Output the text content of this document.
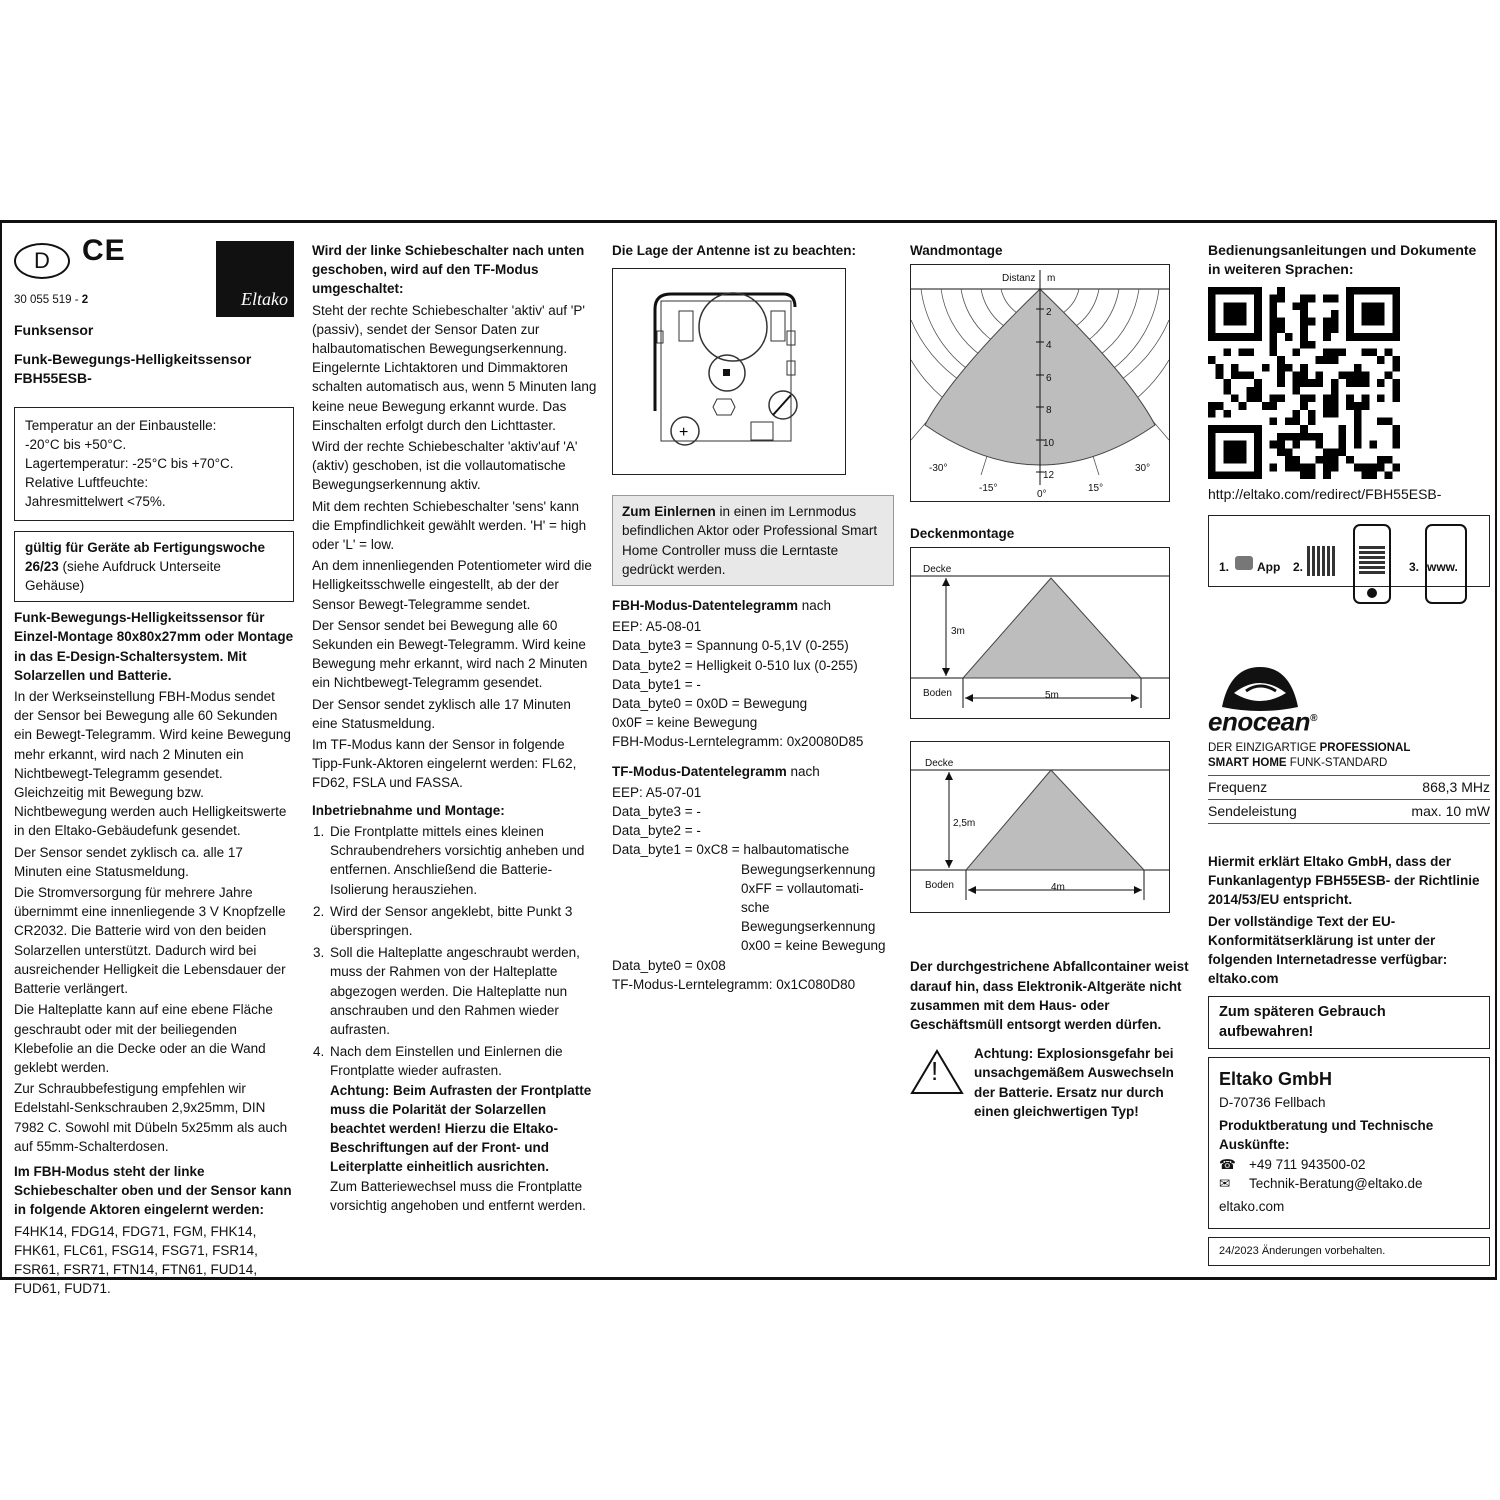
D	CE
30 055 519 - 2	Eltako

Funksensor

Funk-Bewegungs-Helligkeitssensor

FBH55ESB-

Temperatur an der Einbaustelle:
-20°C bis +50°C.
Lagertemperatur: -25°C bis +70°C.
Relative Luftfeuchte:
Jahresmittelwert <75%.
gültig für Geräte ab Fertigungswoche
26/23 (siehe Aufdruck Unterseite Gehäuse)

Funk-Bewegungs-Helligkeitssensor für Einzel-Montage 80x80x27mm oder Montage in das E-Design-Schaltersystem. Mit Solarzellen und Batterie.

In der Werkseinstellung FBH-Modus sendet der Sensor bei Bewegung alle 60 Sekunden ein Bewegt-Telegramm. Wird keine Bewegung mehr erkannt, wird nach 2 Minuten ein Nichtbewegt-Telegramm gesendet. Gleichzeitig mit Bewegung bzw. Nichtbewegung werden auch Helligkeitswerte in den Eltako-Gebäudefunk gesendet.

Der Sensor sendet zyklisch ca. alle 17 Minuten eine Statusmeldung.

Die Stromversorgung für mehrere Jahre übernimmt eine innenliegende 3 V Knopfzelle CR2032. Die Batterie wird von den beiden Solarzellen unterstützt. Dadurch wird bei ausreichender Helligkeit die Lebensdauer der Batterie verlängert.

Die Halteplatte kann auf eine ebene Fläche geschraubt oder mit der beiliegenden Klebefolie an die Decke oder an die Wand geklebt werden.

Zur Schraubbefestigung empfehlen wir Edelstahl-Senkschrauben 2,9x25mm, DIN 7982 C. Sowohl mit Dübeln 5x25mm als auch auf 55mm-Schalterdosen.

Im FBH-Modus steht der linke Schiebeschalter oben und der Sensor kann in folgende Aktoren eingelernt werden:

F4HK14, FDG14, FDG71, FGM, FHK14, FHK61, FLC61, FSG14, FSG71, FSR14, FSR61, FSR71, FTN14, FTN61, FUD14, FUD61, FUD71.

Wird der linke Schiebeschalter nach unten geschoben, wird auf den TF-Modus umgeschaltet:

Steht der rechte Schiebeschalter 'aktiv' auf 'P' (passiv), sendet der Sensor Daten zur halbautomatischen Bewegungserkennung. Eingelernte Lichtaktoren und Dimmaktoren schalten automatisch aus, wenn 5 Minuten lang keine neue Bewegung erkannt wurde. Das Einschalten erfolgt durch den Lichttaster.

Wird der rechte Schiebeschalter 'aktiv'auf 'A' (aktiv) geschoben, ist die vollautomatische Bewegungserkennung aktiv.

Mit dem rechten Schiebeschalter 'sens' kann die Empfindlichkeit gewählt werden. 'H' = high oder 'L' = low.

An dem innenliegenden Potentiometer wird die Helligkeitsschwelle eingestellt, ab der der Sensor Bewegt-Telegramme sendet.

Der Sensor sendet bei Bewegung alle 60 Sekunden ein Bewegt-Telegramm. Wird keine Bewegung mehr erkannt, wird nach 2 Minuten ein Nichtbewegt-Telegramm gesendet.

Der Sensor sendet zyklisch alle 17 Minuten eine Statusmeldung.

Im TF-Modus kann der Sensor in folgende Tipp-Funk-Aktoren eingelernt werden: FL62, FD62, FSLA und FASSA.

Inbetriebnahme und Montage:

1. Die Frontplatte mittels eines kleinen Schraubendrehers vorsichtig anheben und entfernen. Anschließend die Batterie-Isolierung herausziehen.
2. Wird der Sensor angeklebt, bitte Punkt 3 überspringen.
3. Soll die Halteplatte angeschraubt werden, muss der Rahmen von der Halteplatte abgezogen werden. Die Halteplatte nun anschrauben und den Rahmen wieder aufrasten.
4. Nach dem Einstellen und Einlernen die Frontplatte wieder aufrasten.
Achtung: Beim Aufrasten der Frontplatte muss die Polarität der Solarzellen beachtet werden! Hierzu die Eltako-Beschriftungen auf der Front- und Leiterplatte einheitlich ausrichten.
Zum Batteriewechsel muss die Frontplatte vorsichtig angehoben und entfernt werden.

Die Lage der Antenne ist zu beachten:

+
Zum Einlernen in einen im Lernmodus befindlichen Aktor oder Professional Smart Home Controller muss die Lerntaste gedrückt werden.

FBH-Modus-Datentelegramm nach

EEP: A5-08-01
Data_byte3 = Spannung 0-5,1V (0-255)
Data_byte2 = Helligkeit 0-510 lux (0-255)
Data_byte1 = -
Data_byte0 = 0x0D = Bewegung
0x0F = keine Bewegung
FBH-Modus-Lerntelegramm: 0x20080D85

TF-Modus-Datentelegramm nach

EEP: A5-07-01
Data_byte3 = -
Data_byte2 = -
Data_byte1 = 0xC8 = halbautomatische
Bewegungserkennung
0xFF = vollautomati-
sche
Bewegungserkennung
0x00 = keine Bewegung
Data_byte0 = 0x08
TF-Modus-Lerntelegramm: 0x1C080D80

Wandmontage

Distanz m
2
4
6
8
10
12
-30°
-15°
0°
15°
30°

Deckenmontage

Decke
3m
Boden	5m
Decke
2,5m
Boden	4m

Der durchgestrichene Abfallcontainer weist darauf hin, dass Elektronik-Altgeräte nicht zusammen mit dem Haus- oder Geschäftsmüll entsorgt werden dürfen.

!
Achtung: Explosionsgefahr bei unsachgemäßem Auswechseln der Batterie. Ersatz nur durch einen gleichwertigen Typ!

Bedienungsanleitungen und Dokumente in weiteren Sprachen:

http://eltako.com/redirect/FBH55ESB-

1. App 2.	3. www.
enocean®
DER EINZIGARTIGE PROFESSIONAL
SMART HOME FUNK-STANDARD
Frequenz	868,3 MHz
Sendeleistung	max. 10 mW

Hiermit erklärt Eltako GmbH, dass der Funkanlagentyp FBH55ESB- der Richtlinie 2014/53/EU entspricht.

Der vollständige Text der EU-Konformitätserklärung ist unter der folgenden Internetadresse verfügbar: eltako.com

Zum späteren Gebrauch aufbewahren!
Eltako GmbH
D-70736 Fellbach
Produktberatung und Technische Auskünfte:
☎ +49 711 943500-02
✉ Technik-Beratung@eltako.de
eltako.com
24/2023 Änderungen vorbehalten.
